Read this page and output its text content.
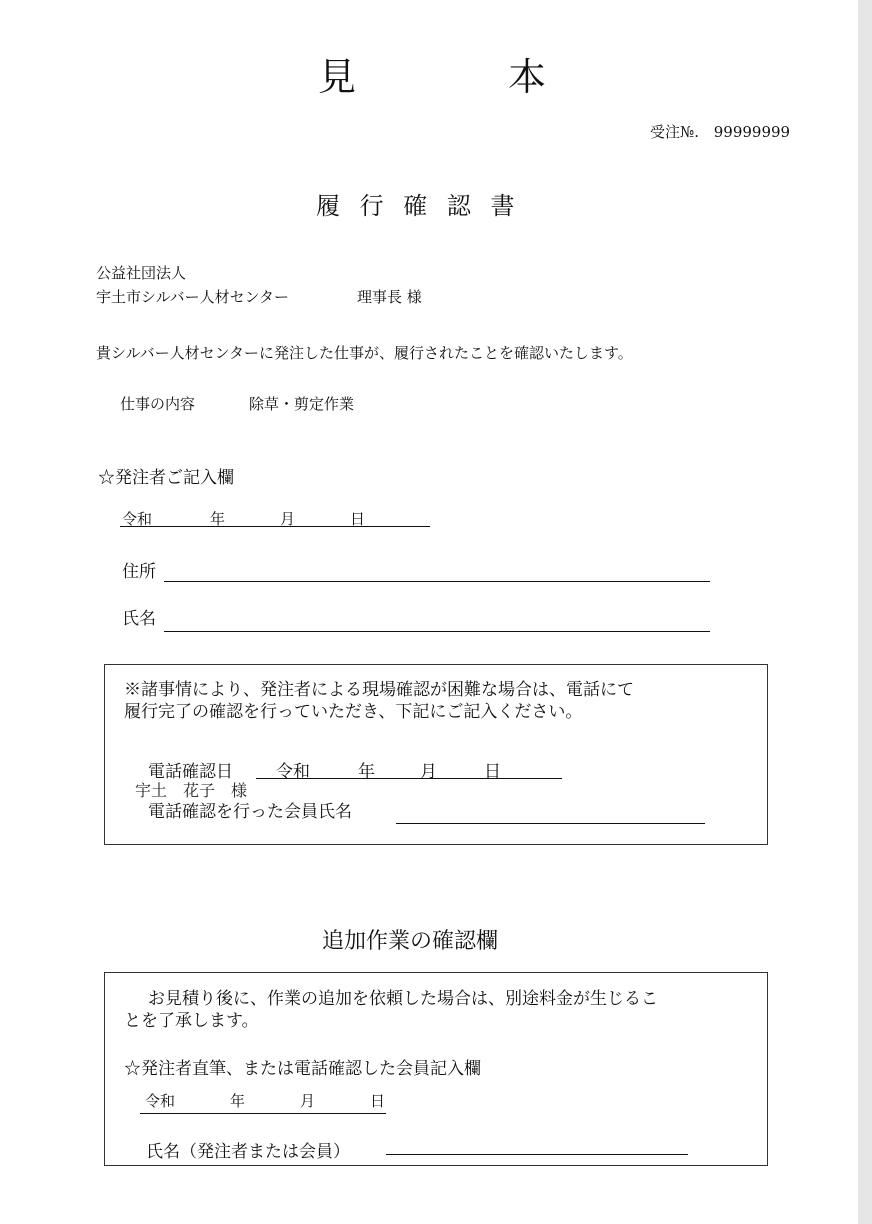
見	本
受注№. 99999999
履 行 確 認 書
公益社団法人
宇土市シルバー人材センター	理事長 様
貴シルバー人材センターに発注した仕事が、履行されたことを確認いたします。
仕事の内容	除草・剪定作業
☆発注者ご記入欄
令和	年	月	日
住所
氏名
※諸事情により、発注者による現場確認が困難な場合は、電話にて
履行完了の確認を行っていただき、下記にご記入ください。
電話確認日	令和	年	月	日
宇土　花子　様
電話確認を行った会員氏名
追加作業の確認欄
お見積り後に、作業の追加を依頼した場合は、別途料金が生じるこ
とを了承します。
☆発注者直筆、または電話確認した会員記入欄
令和	年	月	日
氏名（発注者または会員）
